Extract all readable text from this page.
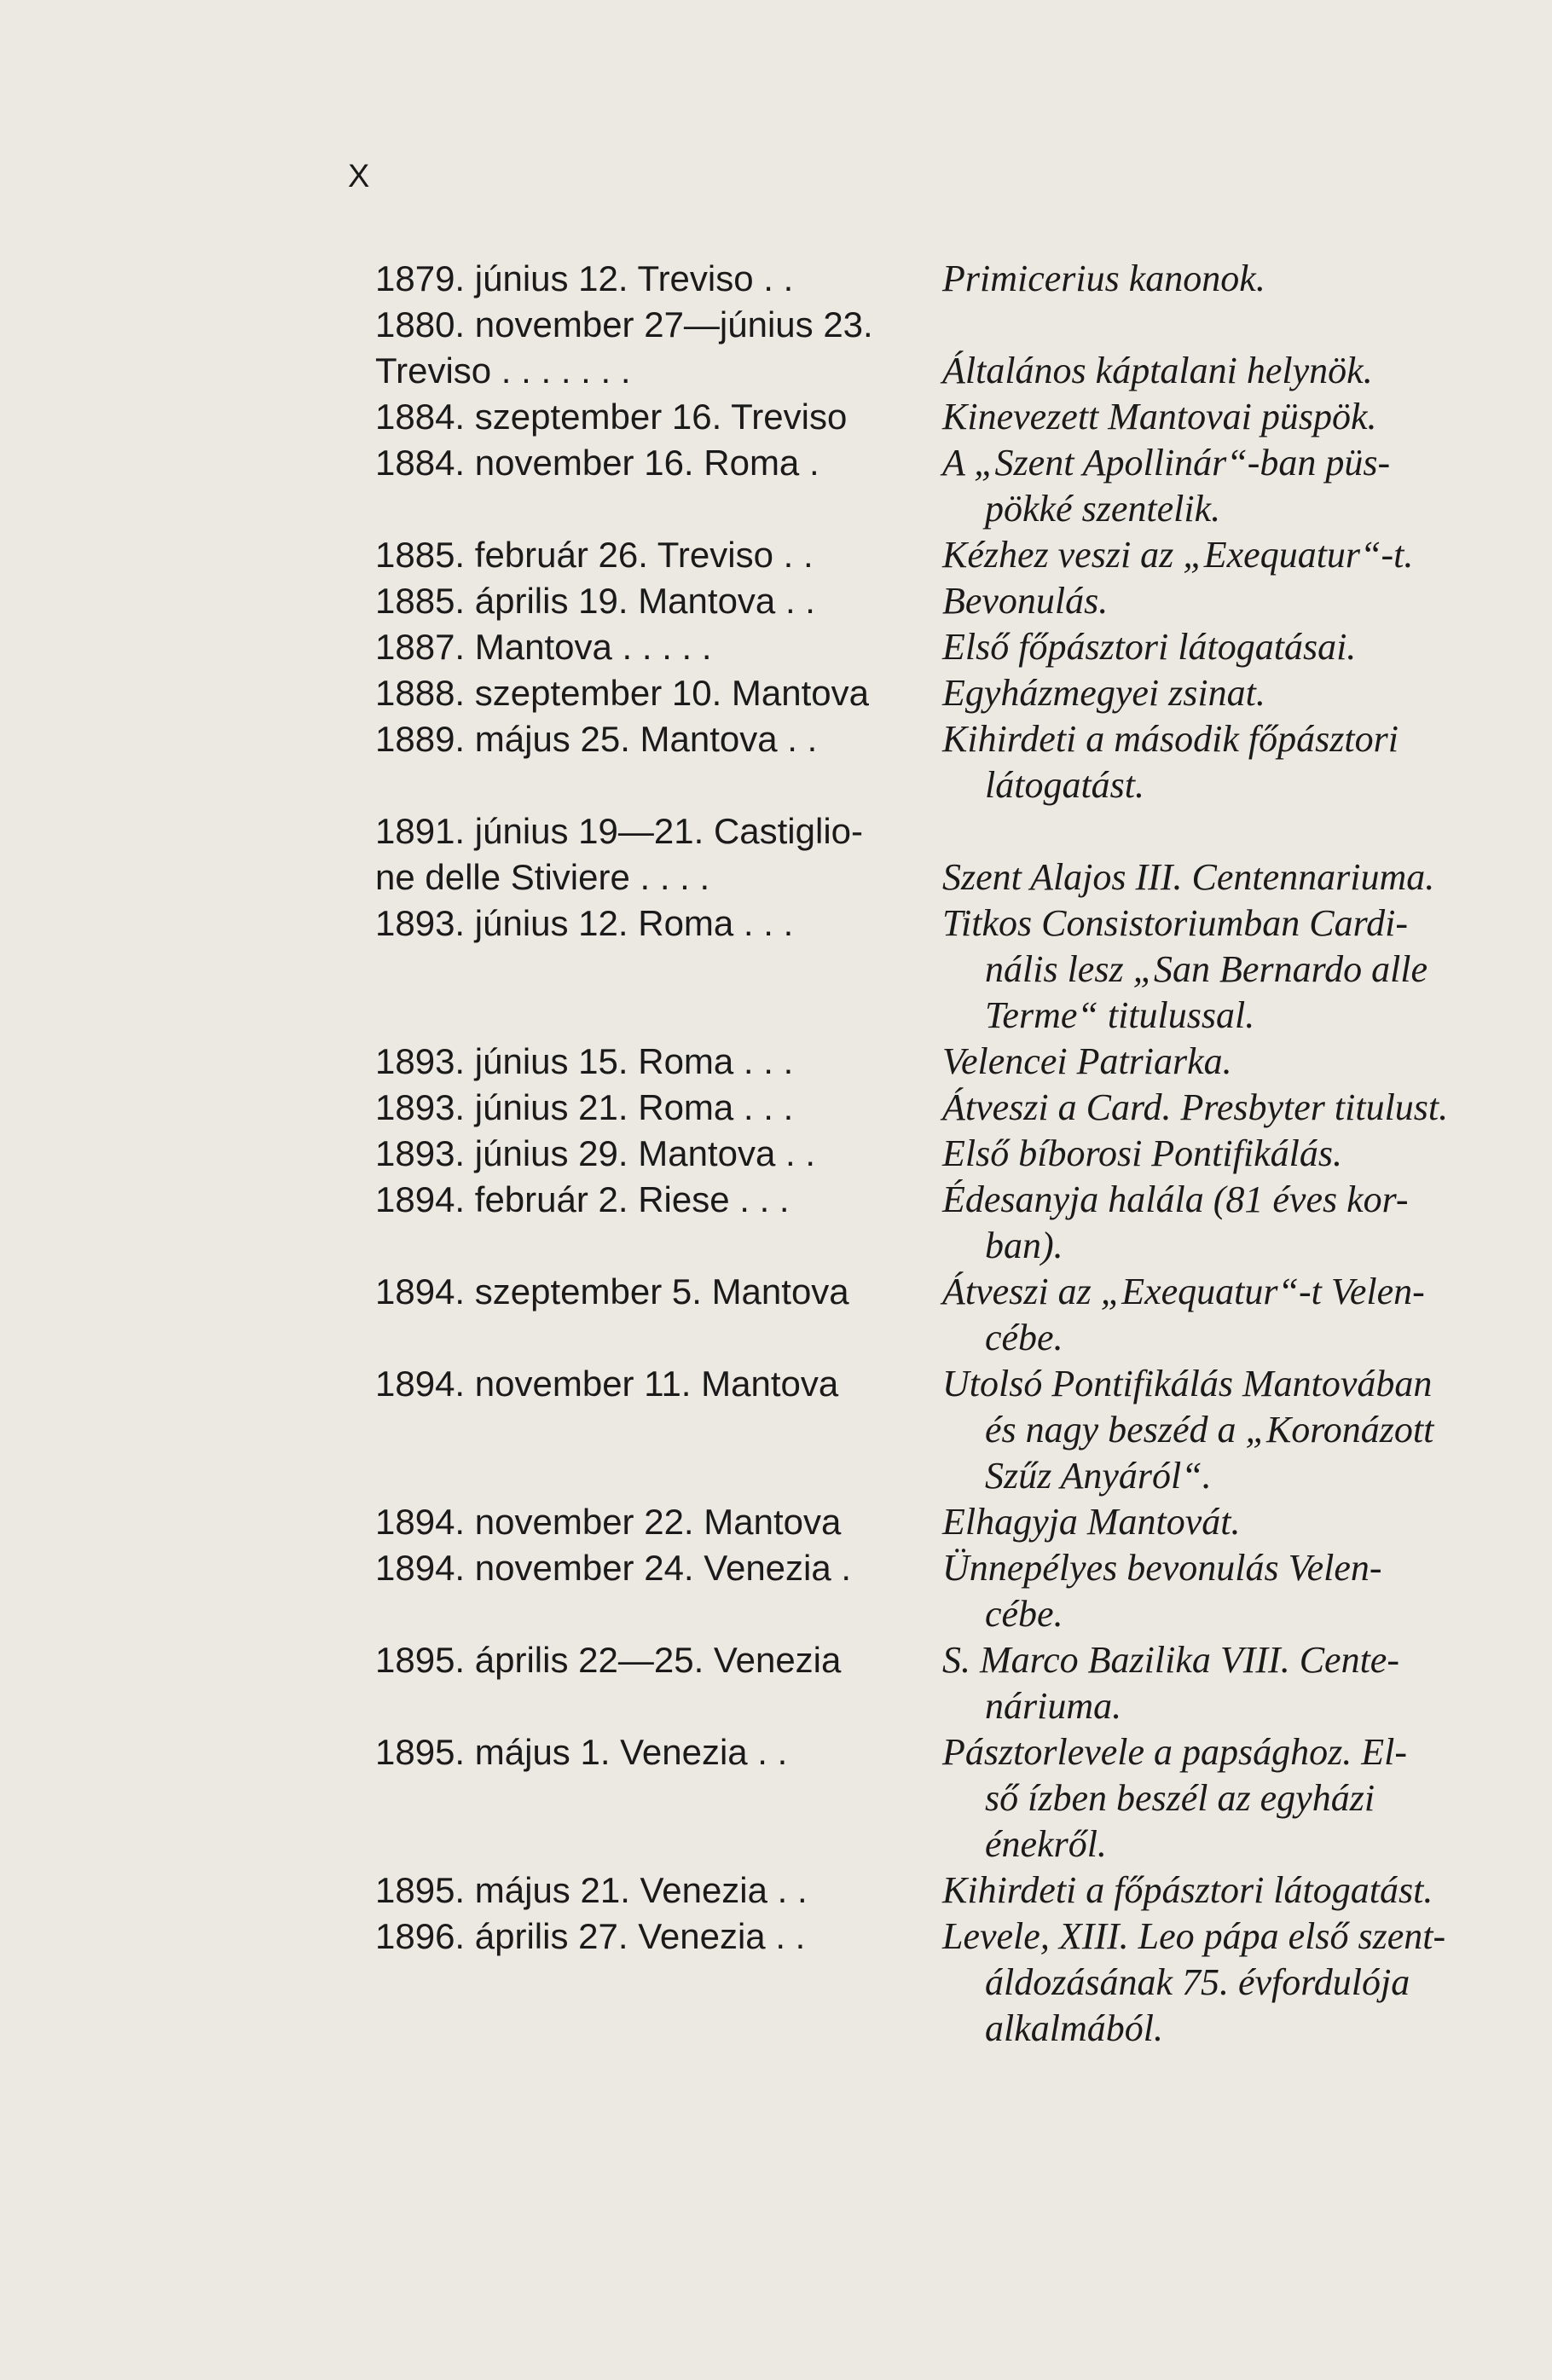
X
1879. június 12. Treviso . .	Primicerius kanonok.
1880. november 27—június 23.
Treviso . . . . . . .
	Általános káptalani helynök.
1884. szeptember 16. Treviso	Kinevezett Mantovai püspök.
1884. november 16. Roma .	A „Szent Apollinár“-ban püs-
pökké szentelik.
1885. február 26. Treviso . .	Kézhez veszi az „Exequatur“-t.
1885. április 19. Mantova . .	Bevonulás.
1887. Mantova . . . . .	Első főpásztori látogatásai.
1888. szeptember 10. Mantova	Egyházmegyei zsinat.
1889. május 25. Mantova . .	Kihirdeti a második főpásztori
látogatást.
1891. június 19—21. Castiglio-
ne delle Stiviere . . . .
	Szent Alajos III. Centennariuma.
1893. június 12. Roma . . .	Titkos Consistoriumban Cardi-
nális lesz „San Bernardo alle
Terme“ titulussal.
1893. június 15. Roma . . .	Velencei Patriarka.
1893. június 21. Roma . . .	Átveszi a Card. Presbyter titulust.
1893. június 29. Mantova . .	Első bíborosi Pontifikálás.
1894. február 2. Riese . . .	Édesanyja halála (81 éves kor-
ban).
1894. szeptember 5. Mantova	Átveszi az „Exequatur“-t Velen-
cébe.
1894. november 11. Mantova	Utolsó Pontifikálás Mantovában
és nagy beszéd a „Koronázott
Szűz Anyáról“.
1894. november 22. Mantova	Elhagyja Mantovát.
1894. november 24. Venezia .	Ünnepélyes bevonulás Velen-
cébe.
1895. április 22—25. Venezia	S. Marco Bazilika VIII. Cente-
náriuma.
1895. május 1. Venezia . .	Pásztorlevele a papsághoz. El-
ső ízben beszél az egyházi
énekről.
1895. május 21. Venezia . .	Kihirdeti a főpásztori látogatást.
1896. április 27. Venezia . .	Levele, XIII. Leo pápa első szent-
áldozásának 75. évfordulója
alkalmából.
